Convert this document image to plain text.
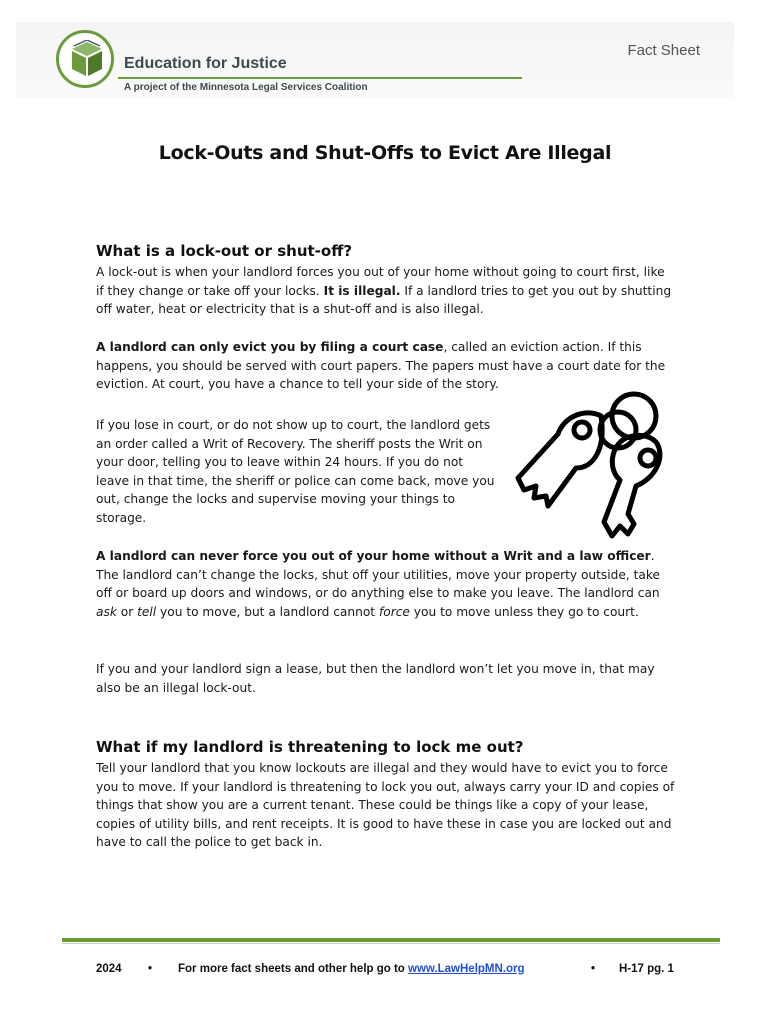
Education for Justice
A project of the Minnesota Legal Services Coalition
Fact Sheet
Lock-Outs and Shut-Offs to Evict Are Illegal
What is a lock-out or shut-off?

A lock-out is when your landlord forces you out of your home without going to court first, like if they change or take off your locks. It is illegal. If a landlord tries to get you out by shutting off water, heat or electricity that is a shut-off and is also illegal.

A landlord can only evict you by filing a court case, called an eviction action. If this happens, you should be served with court papers. The papers must have a court date for the eviction. At court, you have a chance to tell your side of the story.

If you lose in court, or do not show up to court, the landlord gets an order called a Writ of Recovery. The sheriff posts the Writ on your door, telling you to leave within 24 hours. If you do not leave in that time, the sheriff or police can come back, move you out, change the locks and supervise moving your things to storage.

A landlord can never force you out of your home without a Writ and a law officer. The landlord can’t change the locks, shut off your utilities, move your property outside, take off or board up doors and windows, or do anything else to make you leave. The landlord can ask or tell you to move, but a landlord cannot force you to move unless they go to court.

If you and your landlord sign a lease, but then the landlord won’t let you move in, that may also be an illegal lock-out.

What if my landlord is threatening to lock me out?

Tell your landlord that you know lockouts are illegal and they would have to evict you to force you to move. If your landlord is threatening to lock you out, always carry your ID and copies of things that show you are a current tenant. These could be things like a copy of your lease, copies of utility bills, and rent receipts. It is good to have these in case you are locked out and have to call the police to get back in.

2024 • For more fact sheets and other help go to www.LawHelpMN.org	• H-17 pg. 1
